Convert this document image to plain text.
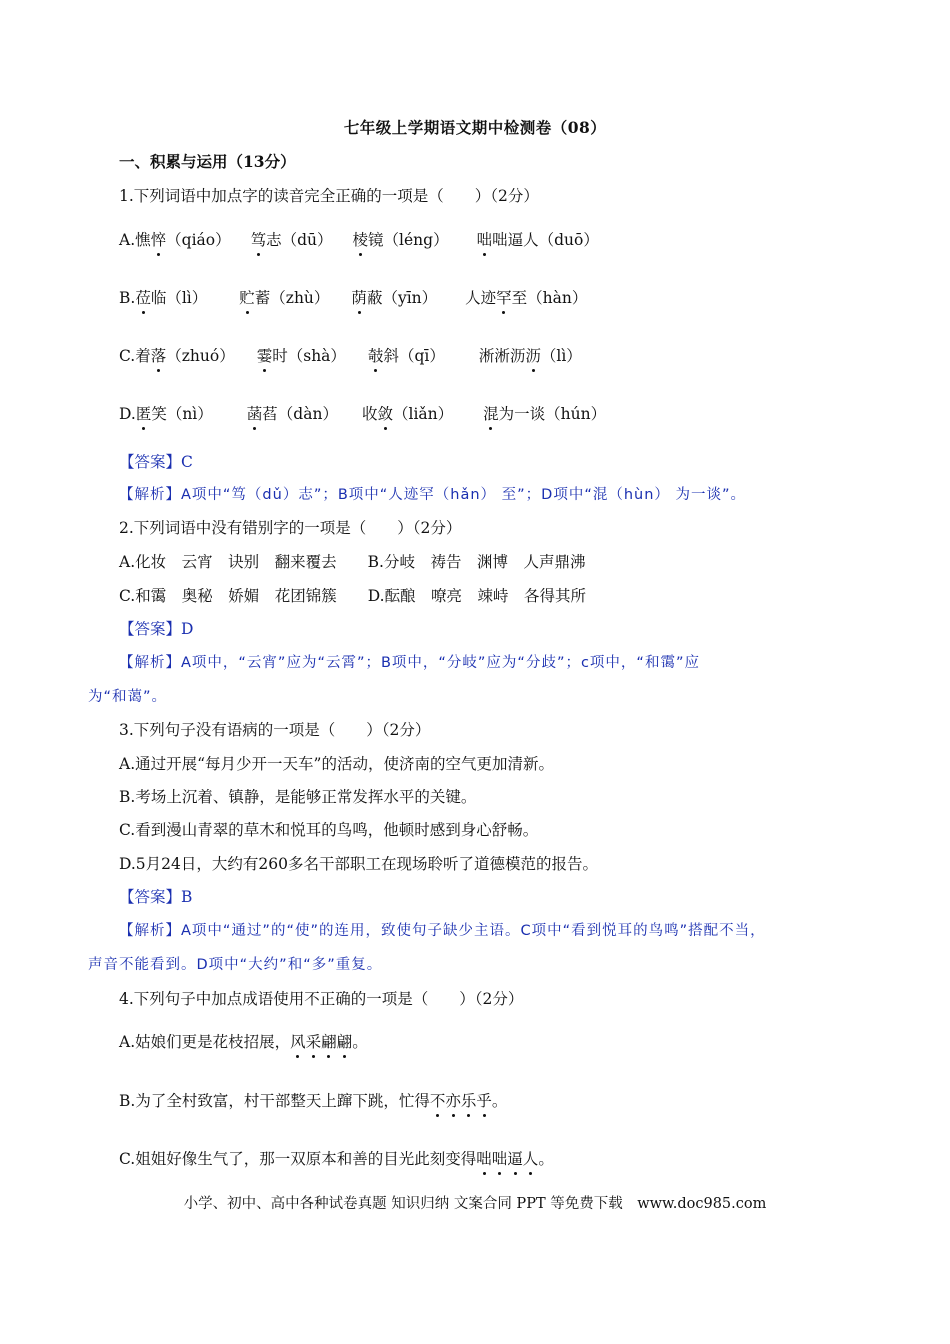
七年级上学期语文期中检测卷（08）
一、积累与运用（13分）
1.下列词语中加点字的读音完全正确的一项是（　　）（2分）
A.憔悴（qiáo） 笃志（dū） 棱镜（léng） 咄咄逼人（duō）
B.莅临（lì） 贮蓄（zhù） 荫蔽（yīn） 人迹罕至（hàn）
C.着落（zhuó） 霎时（shà） 攲斜（qī） 淅淅沥沥（lì）
D.匿笑（nì） 菡萏（dàn） 收敛（liǎn） 混为一谈（hún）
【答案】C
【解析】A项中“笃（dǔ）志”；B项中“人迹罕（hǎn） 至”；D项中“混（hùn） 为一谈”。
2.下列词语中没有错别字的一项是（　　）（2分）
A.化妆　云宵　诀别　翻来覆去　　B.分岐　祷告　渊博　人声鼎沸
C.和霭　奥秘　娇媚　花团锦簇　　D.酝酿　嘹亮　竦峙　各得其所
【答案】D
【解析】A项中，“云宵”应为“云霄”；B项中，“分岐”应为“分歧”；c项中，“和霭”应
为“和蔼”。
3.下列句子没有语病的一项是（　　）（2分）
A.通过开展“每月少开一天车”的活动，使济南的空气更加清新。
B.考场上沉着、镇静，是能够正常发挥水平的关键。
C.看到漫山青翠的草木和悦耳的鸟鸣，他顿时感到身心舒畅。
D.5月24日，大约有260多名干部职工在现场聆听了道德模范的报告。
【答案】B
【解析】A项中“通过”的“使”的连用，致使句子缺少主语。C项中“看到悦耳的鸟鸣”搭配不当，
声音不能看到。D项中“大约”和“多”重复。
4.下列句子中加点成语使用不正确的一项是（　　）（2分）
A.姑娘们更是花枝招展，风采翩翩。
B.为了全村致富，村干部整天上蹿下跳，忙得不亦乐乎。
C.姐姐好像生气了，那一双原本和善的目光此刻变得咄咄逼人。
小学、初中、高中各种试卷真题 知识归纳 文案合同 PPT 等免费下载　www.doc985.com
